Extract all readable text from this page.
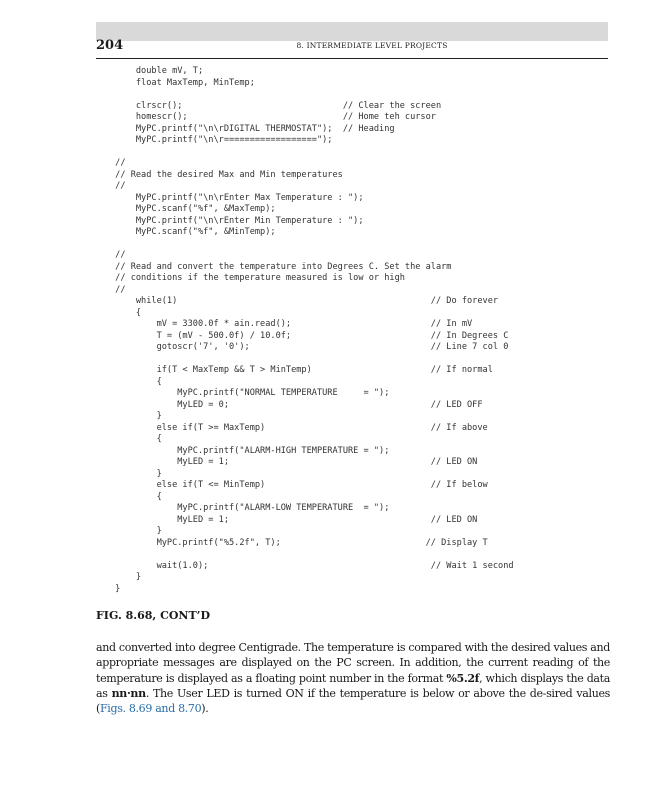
204	8. INTERMEDIATE LEVEL PROJECTS
double mV, T;
float MaxTemp, MinTemp;
clrscr();                               // Clear the screen
homescr();                              // Home teh cursor
MyPC.printf("\n\rDIGITAL THERMOSTAT");  // Heading
MyPC.printf("\n\r==================");
//
// Read the desired Max and Min temperatures
//
MyPC.printf("\n\rEnter Max Temperature : ");
MyPC.scanf("%f", &MaxTemp);
MyPC.printf("\n\rEnter Min Temperature : ");
MyPC.scanf("%f", &MinTemp);
//
// Read and convert the temperature into Degrees C. Set the alarm
// conditions if the temperature measured is low or high
//
while(1)                                                 // Do forever
{
mV = 3300.0f * ain.read();                           // In mV
T = (mV - 500.0f) / 10.0f;                           // In Degrees C
gotoscr('7', '0');                                   // Line 7 col 0
if(T < MaxTemp && T > MinTemp)                       // If normal
{
MyPC.printf("NORMAL TEMPERATURE     = ");
MyLED = 0;                                       // LED OFF
}
else if(T >= MaxTemp)                                // If above
{
MyPC.printf("ALARM-HIGH TEMPERATURE = ");
MyLED = 1;                                       // LED ON
}
else if(T <= MinTemp)                                // If below
{
MyPC.printf("ALARM-LOW TEMPERATURE  = ");
MyLED = 1;                                       // LED ON
}
MyPC.printf("%5.2f", T);                            // Display T
wait(1.0);                                           // Wait 1 second
}
}
FIG. 8.68, CONT’D

and converted into degree Centigrade. The temperature is compared with the desired values and appropriate messages are displayed on the PC screen. In addition, the current reading of the temperature is displayed as a floating point number in the format %5.2f, which displays the data as nn·nn. The User LED is turned ON if the temperature is below or above the de-sired values (Figs. 8.69 and 8.70).
